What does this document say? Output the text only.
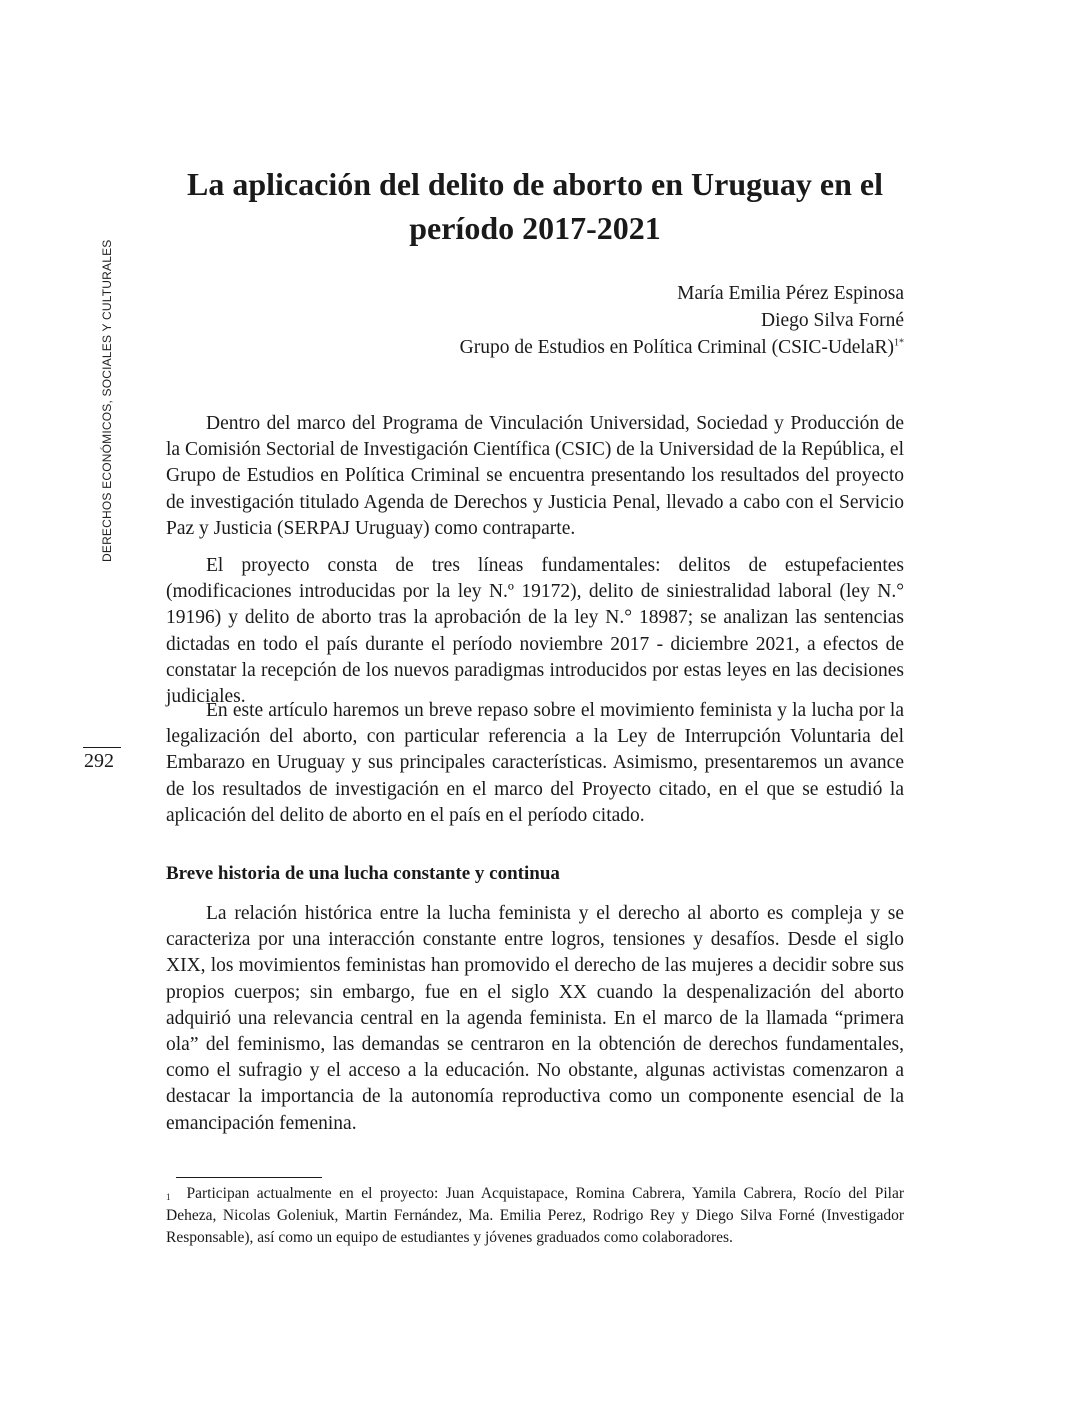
DERECHOS ECONÓMICOS, SOCIALES Y CULTURALES
292
La aplicación del delito de aborto en Uruguay en el período 2017-2021
María Emilia Pérez Espinosa
Diego Silva Forné
Grupo de Estudios en Política Criminal (CSIC-UdelaR)$^{1*}$

Dentro del marco del Programa de Vinculación Universidad, Sociedad y Producción de la Comisión Sectorial de Investigación Científica (CSIC) de la Universidad de la República, el Grupo de Estudios en Política Criminal se encuentra presentando los resultados del proyecto de investigación titulado Agenda de Derechos y Justicia Penal, llevado a cabo con el Servicio Paz y Justicia (SERPAJ Uruguay) como contraparte.

El proyecto consta de tres líneas fundamentales: delitos de estupefacientes (modificaciones introducidas por la ley N.º 19172), delito de siniestralidad laboral (ley N.° 19196) y delito de aborto tras la aprobación de la ley N.° 18987; se analizan las sentencias dictadas en todo el país durante el período noviembre 2017 - diciembre 2021, a efectos de constatar la recepción de los nuevos paradigmas introducidos por estas leyes en las decisiones judiciales.

En este artículo haremos un breve repaso sobre el movimiento feminista y la lucha por la legalización del aborto, con particular referencia a la Ley de Interrupción Voluntaria del Embarazo en Uruguay y sus principales características. Asimismo, presentaremos un avance de los resultados de investigación en el marco del Proyecto citado, en el que se estudió la aplicación del delito de aborto en el país en el período citado.

Breve historia de una lucha constante y continua

La relación histórica entre la lucha feminista y el derecho al aborto es compleja y se caracteriza por una interacción constante entre logros, tensiones y desafíos. Desde el siglo XIX, los movimientos feministas han promovido el derecho de las mujeres a decidir sobre sus propios cuerpos; sin embargo, fue en el siglo XX cuando la despenalización del aborto adquirió una relevancia central en la agenda feminista. En el marco de la llamada “primera ola” del feminismo, las demandas se centraron en la obtención de derechos fundamentales, como el sufragio y el acceso a la educación. No obstante, algunas activistas comenzaron a destacar la importancia de la autonomía reproductiva como un componente esencial de la emancipación femenina.

$^1$ Participan actualmente en el proyecto: Juan Acquistapace, Romina Cabrera, Yamila Cabrera, Rocío del Pilar Deheza, Nicolas Goleniuk, Martin Fernández, Ma. Emilia Perez, Rodrigo Rey y Diego Silva Forné (Investigador Responsable), así como un equipo de estudiantes y jóvenes graduados como colaboradores.
